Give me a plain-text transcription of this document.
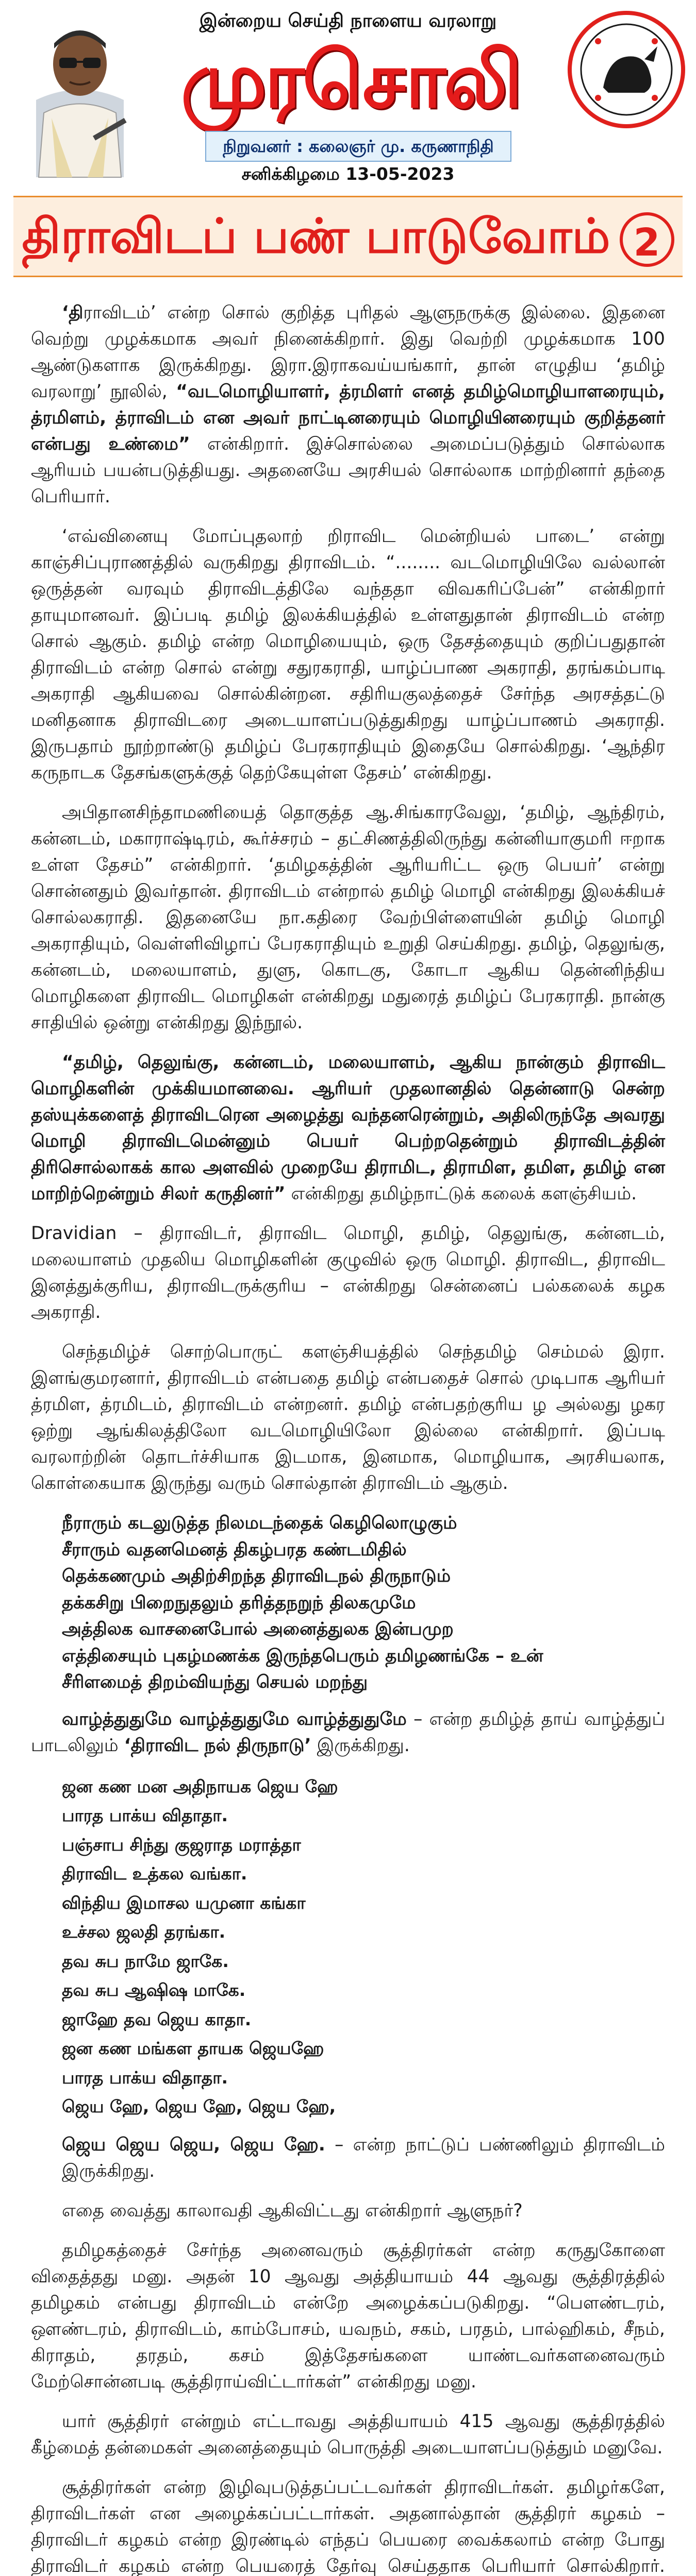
இன்றைய செய்தி நாளைய வரலாறு
முரசொலி
நிறுவனர் : கலைஞர் மு. கருணாநிதி
சனிக்கிழமை 13-05-2023
திராவிடப் பண் பாடுவோம் 2

‘திராவிடம்’ என்ற சொல் குறித்த புரிதல் ஆளுநருக்கு இல்லை. இதனை வெற்று முழக்கமாக அவர் நினைக்கிறார். இது வெற்றி முழக்கமாக 100 ஆண்டுகளாக இருக்கிறது. இரா.இராகவய்யங்கார், தான் எழுதிய ‘தமிழ் வரலாறு’ நூலில், “வடமொழியாளர், த்ரமிளர் எனத் தமிழ்மொழியாளரையும், த்ரமிளம், த்ராவிடம் என அவர் நாட்டினரையும் மொழியினரையும் குறித்தனர் என்பது உண்மை” என்கிறார். இச்சொல்லை அமைப்படுத்தும் சொல்லாக ஆரியம் பயன்படுத்தியது. அதனையே அரசியல் சொல்லாக மாற்றினார் தந்தை பெரியார்.

‘எவ்வினையு மோப்புதலாற் றிராவிட மென்றியல் பாடை’ என்று காஞ்சிப்புராணத்தில் வருகிறது திராவிடம். “........ வடமொழியிலே வல்லான் ஒருத்தன் வரவும் திராவிடத்திலே வந்ததா விவகரிப்பேன்” என்கிறார் தாயுமானவர். இப்படி தமிழ் இலக்கியத்தில் உள்ளதுதான் திராவிடம் என்ற சொல் ஆகும். தமிழ் என்ற மொழியையும், ஒரு தேசத்தையும் குறிப்பதுதான் திராவிடம் என்ற சொல் என்று சதுரகராதி, யாழ்ப்பாண அகராதி, தரங்கம்பாடி அகராதி ஆகியவை சொல்கின்றன. சதிரியகுலத்தைச் சேர்ந்த அரசத்தட்டு மனிதனாக திராவிடரை அடையாளப்படுத்துகிறது யாழ்ப்பாணம் அகராதி. இருபதாம் நூற்றாண்டு தமிழ்ப் பேரகராதியும் இதையே சொல்கிறது. ‘ஆந்திர கருநாடக தேசங்களுக்குத் தெற்கேயுள்ள தேசம்’ என்கிறது.

அபிதானசிந்தாமணியைத் தொகுத்த ஆ.சிங்காரவேலு, ‘தமிழ், ஆந்திரம், கன்னடம், மகாராஷ்டிரம், கூர்ச்சரம் – தட்சிணத்திலிருந்து கன்னியாகுமரி ஈறாக உள்ள தேசம்” என்கிறார். ‘தமிழகத்தின் ஆரியரிட்ட ஒரு பெயர்’ என்று சொன்னதும் இவர்தான். திராவிடம் என்றால் தமிழ் மொழி என்கிறது இலக்கியச் சொல்லகராதி. இதனையே நா.கதிரை வேற்பிள்ளையின் தமிழ் மொழி அகராதியும், வெள்ளிவிழாப் பேரகராதியும் உறுதி செய்கிறது. தமிழ், தெலுங்கு, கன்னடம், மலையாளம், துளு, கொடகு, கோடா ஆகிய தென்னிந்திய மொழிகளை திராவிட மொழிகள் என்கிறது மதுரைத் தமிழ்ப் பேரகராதி. நான்கு சாதியில் ஒன்று என்கிறது இந்நூல்.

“தமிழ், தெலுங்கு, கன்னடம், மலையாளம், ஆகிய நான்கும் திராவிட மொழிகளின் முக்கியமானவை. ஆரியர் முதலானதில் தென்னாடு சென்ற தஸ்யுக்களைத் திராவிடரென அழைத்து வந்தனரென்றும், அதிலிருந்தே அவரது மொழி திராவிடமென்னும் பெயர் பெற்றதென்றும் திராவிடத்தின் திரிசொல்லாகக் கால அளவில் முறையே திராமிட, திராமிள, தமிள, தமிழ் என மாறிற்றென்றும் சிலர் கருதினர்” என்கிறது தமிழ்நாட்டுக் கலைக் களஞ்சியம்.

Dravidian – திராவிடர், திராவிட மொழி, தமிழ், தெலுங்கு, கன்னடம், மலையாளம் முதலிய மொழிகளின் குழுவில் ஒரு மொழி. திராவிட, திராவிட இனத்துக்குரிய, திராவிடருக்குரிய – என்கிறது சென்னைப் பல்கலைக் கழக அகராதி.

செந்தமிழ்ச் சொற்பொருட் களஞ்சியத்தில் செந்தமிழ் செம்மல் இரா. இளங்குமரனார், திராவிடம் என்பதை தமிழ் என்பதைச் சொல் முடிபாக ஆரியர் த்ரமிள, த்ரமிடம், திராவிடம் என்றனர். தமிழ் என்பதற்குரிய ழ அல்லது ழகர ஒற்று ஆங்கிலத்திலோ வடமொழியிலோ இல்லை என்கிறார். இப்படி வரலாற்றின் தொடர்ச்சியாக இடமாக, இனமாக, மொழியாக, அரசியலாக, கொள்கையாக இருந்து வரும் சொல்தான் திராவிடம் ஆகும்.

நீராரும் கடலுடுத்த நிலமடந்தைக் கெழிலொழுகும்
சீராரும் வதனமெனத் திகழ்பரத கண்டமிதில்
தெக்கணமும் அதிற்சிறந்த திராவிடநல் திருநாடும்
தக்கசிறு பிறைநுதலும் தரித்தநறுந் திலகமுமே
அத்திலக வாசனைபோல் அனைத்துலக இன்பமுற
எத்திசையும் புகழ்மணக்க இருந்தபெரும் தமிழணங்கே – உன்
சீரிளமைத் திறம்வியந்து செயல் மறந்து

வாழ்த்துதுமே வாழ்த்துதுமே வாழ்த்துதுமே – என்ற தமிழ்த் தாய் வாழ்த்துப் பாடலிலும் ‘திராவிட நல் திருநாடு’ இருக்கிறது.

ஜன கண மன அதிநாயக ஜெய ஹே
பாரத பாக்ய விதாதா.
பஞ்சாப சிந்து குஜராத மராத்தா
திராவிட உத்கல வங்கா.
விந்திய இமாசல யமுனா கங்கா
உச்சல ஜலதி தரங்கா.
தவ சுப நாமே ஜாகே.
தவ சுப ஆஷிஷ மாகே.
ஜாஹே தவ ஜெய காதா.
ஜன கண மங்கள தாயக ஜெயஹே
பாரத பாக்ய விதாதா.
ஜெய ஹே, ஜெய ஹே, ஜெய ஹே,

ஜெய ஜெய ஜெய, ஜெய ஹே. – என்ற நாட்டுப் பண்ணிலும் திராவிடம் இருக்கிறது.

எதை வைத்து காலாவதி ஆகிவிட்டது என்கிறார் ஆளுநர்?

தமிழகத்தைச் சேர்ந்த அனைவரும் சூத்திரர்கள் என்ற கருதுகோளை விதைத்தது மனு. அதன் 10 ஆவது அத்தியாயம் 44 ஆவது சூத்திரத்தில் தமிழகம் என்பது திராவிடம் என்றே அழைக்கப்படுகிறது. “பௌண்டரம், ஔண்டரம், திராவிடம், காம்போசம், யவநம், சகம், பரதம், பால்ஹிகம், சீநம், கிராதம், தரதம், கசம் இத்தேசங்களை யாண்டவர்களனைவரும் மேற்சொன்னபடி சூத்திராய்விட்டார்கள்” என்கிறது மனு.

யார் சூத்திரர் என்றும் எட்டாவது அத்தியாயம் 415 ஆவது சூத்திரத்தில் கீழ்மைத் தன்மைகள் அனைத்தையும் பொருத்தி அடையாளப்படுத்தும் மனுவே.

சூத்திரர்கள் என்ற இழிவுபடுத்தப்பட்டவர்கள் திராவிடர்கள். தமிழர்களே, திராவிடர்கள் என அழைக்கப்பட்டார்கள். அதனால்தான் சூத்திரர் கழகம் – திராவிடர் கழகம் என்ற இரண்டில் எந்தப் பெயரை வைக்கலாம் என்ற போது திராவிடர் கழகம் என்ற பெயரைத் தேர்வு செய்ததாக பெரியார் சொல்கிறார்.
